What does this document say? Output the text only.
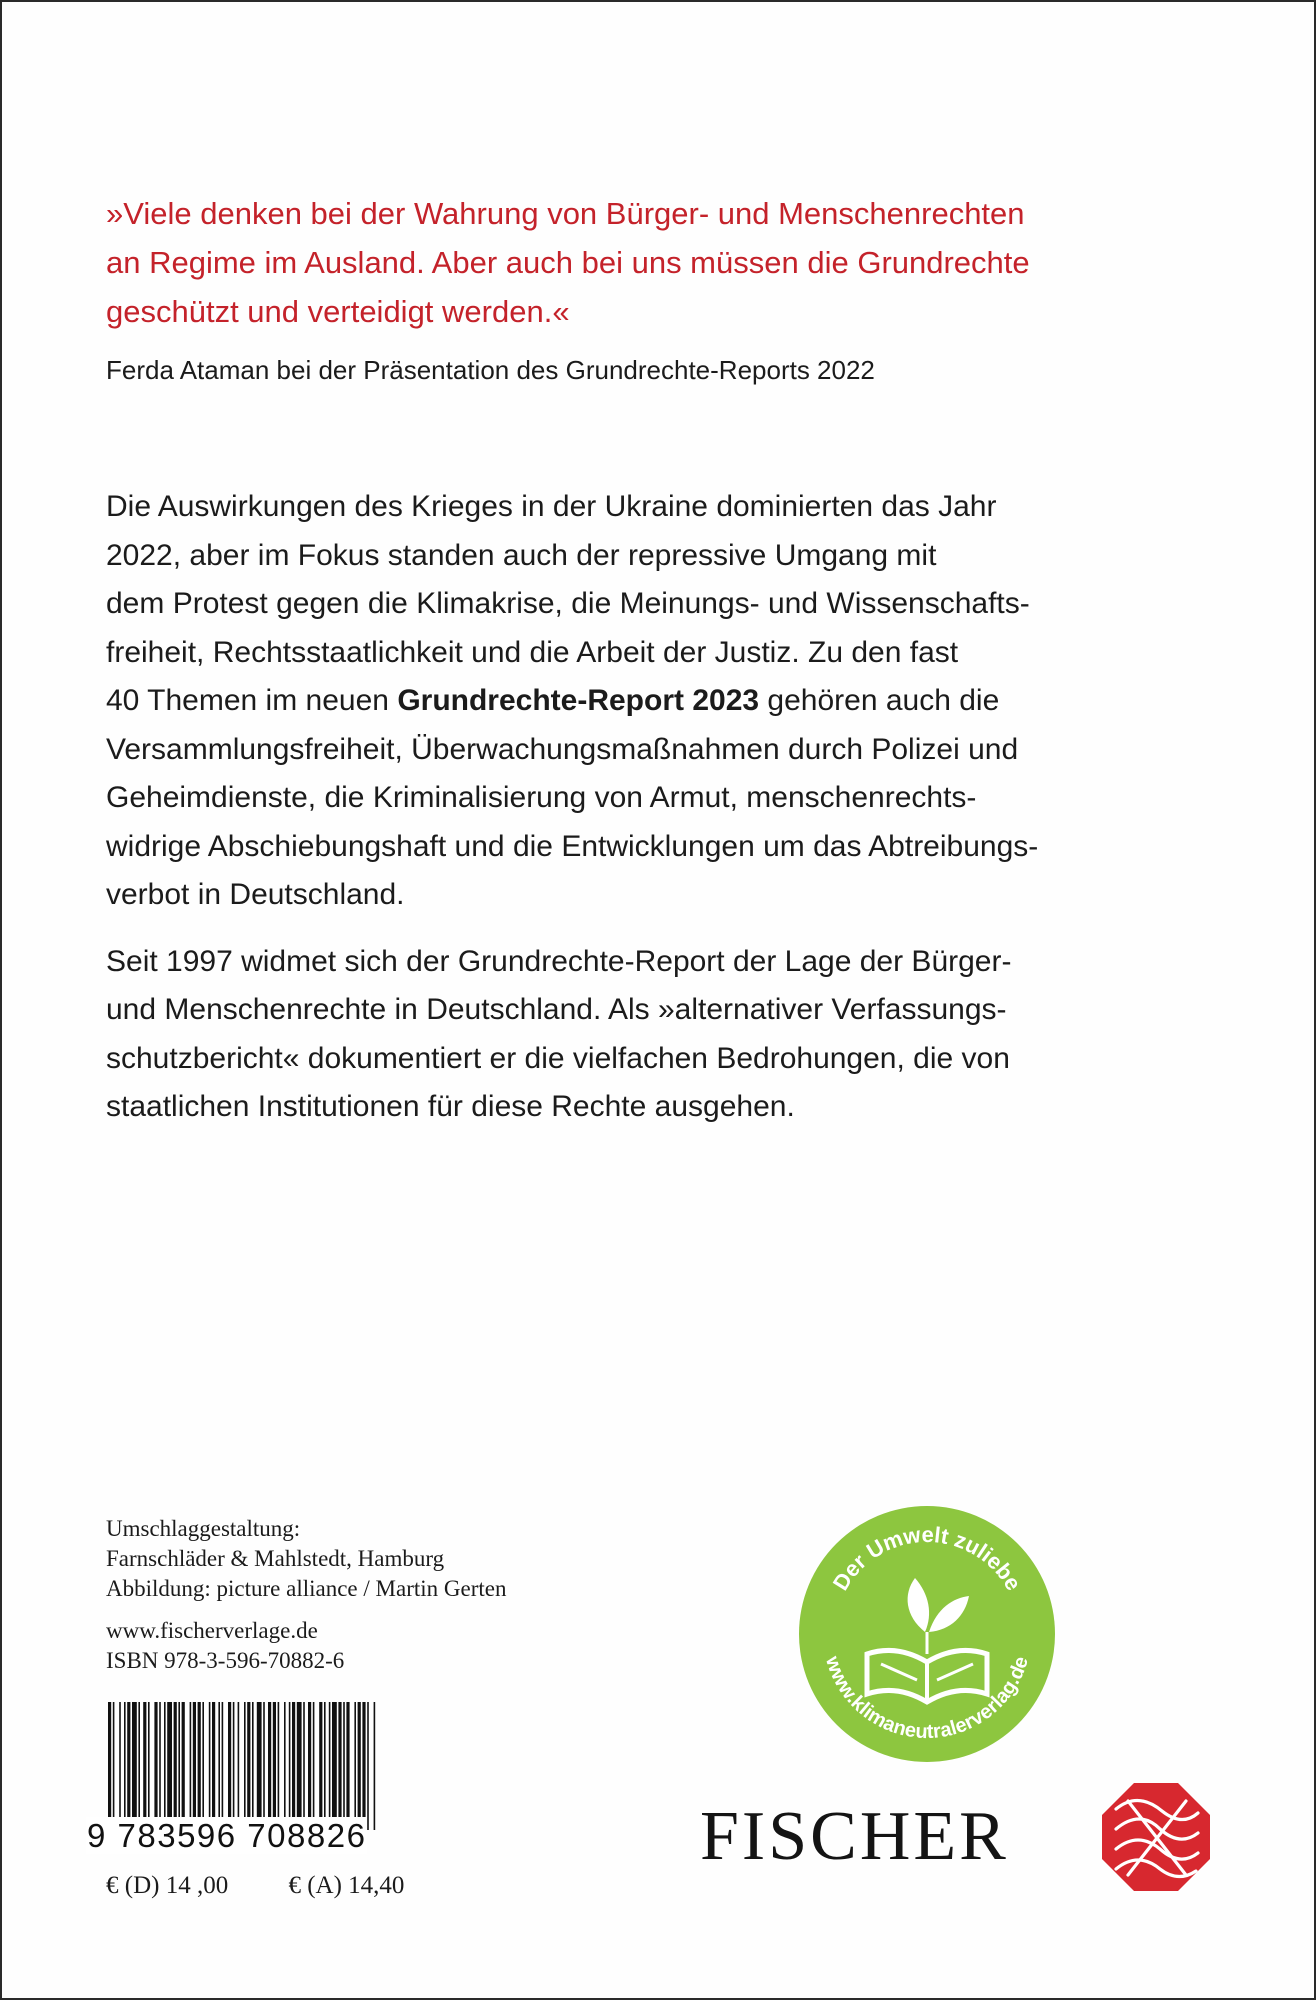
»Viele denken bei der Wahrung von Bürger- und Menschenrechten

an Regime im Ausland. Aber auch bei uns müssen die Grundrechte

geschützt und verteidigt werden.«

Ferda Ataman bei der Präsentation des Grundrechte-Reports 2022

Die Auswirkungen des Krieges in der Ukraine dominierten das Jahr
2022, aber im Fokus standen auch der repressive Umgang mit
dem Protest gegen die Klimakrise, die Meinungs- und Wissenschafts-
freiheit, Rechtsstaatlichkeit und die Arbeit der Justiz. Zu den fast
40 Themen im neuen Grundrechte-Report 2023 gehören auch die
Versammlungsfreiheit, Überwachungsmaßnahmen durch Polizei und
Geheimdienste, die Kriminalisierung von Armut, menschenrechts-
widrige Abschiebungshaft und die Entwicklungen um das Abtreibungs-
verbot in Deutschland.

Seit 1997 widmet sich der Grundrechte-Report der Lage der Bürger-
und Menschenrechte in Deutschland. Als »alternativer Verfassungs-
schutzbericht« dokumentiert er die vielfachen Bedrohungen, die von
staatlichen Institutionen für diese Rechte ausgehen.

Umschlaggestaltung:
Farnschläder & Mahlstedt, Hamburg
Abbildung: picture alliance / Martin Gerten
www.fischerverlage.de
ISBN 978-3-596-70882-6
9 783596 708826
€ (D) 14 ,00 € (A) 14,40
Der Umwelt zuliebe
www.klimaneutralerverlag.de
FISCHER
